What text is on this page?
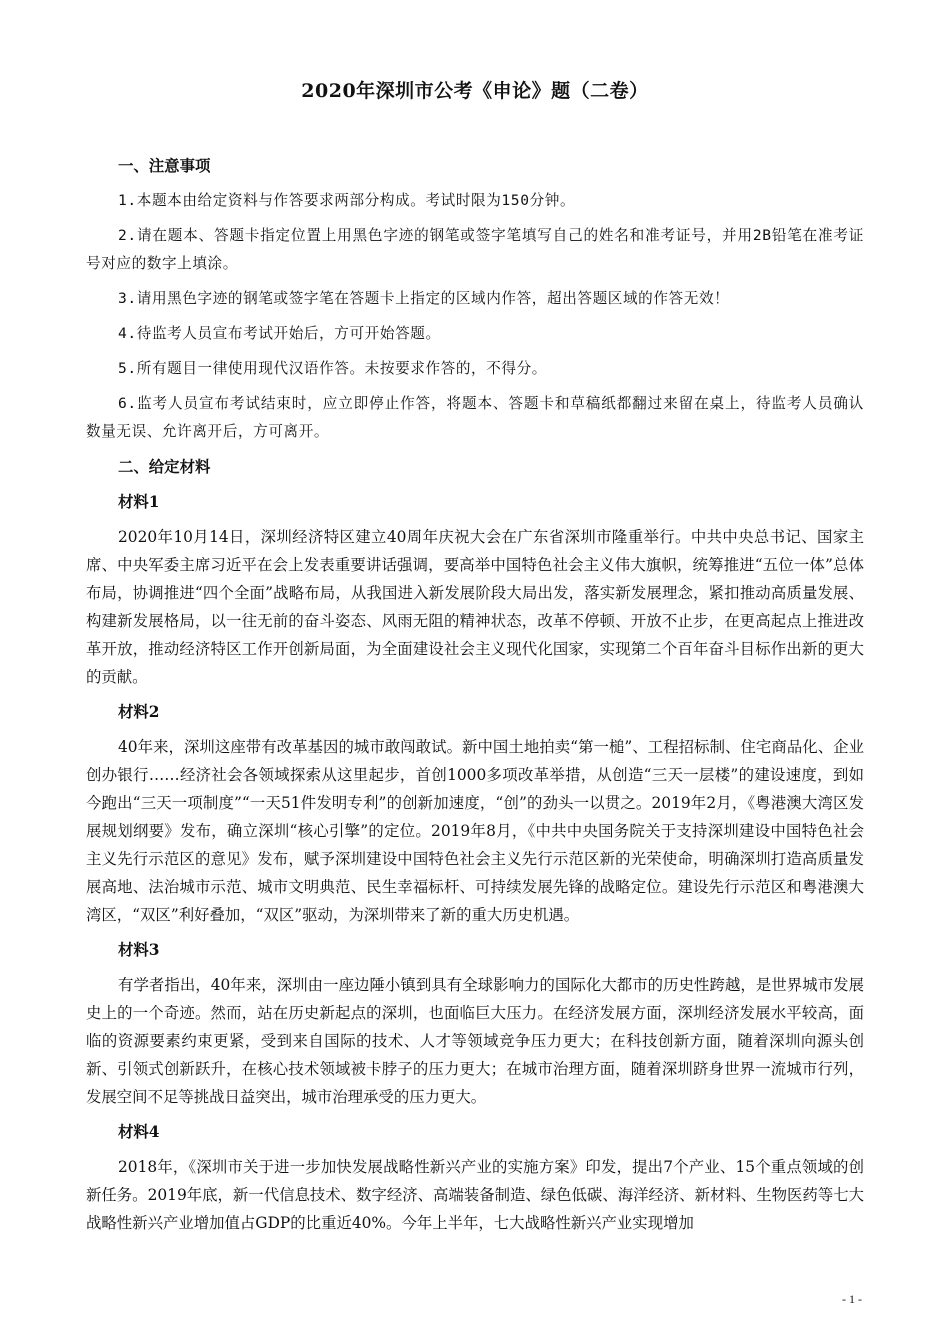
2020年深圳市公考《申论》题（二卷）
一、注意事项
1.本题本由给定资料与作答要求两部分构成。考试时限为150分钟。
2.请在题本、答题卡指定位置上用黑色字迹的钢笔或签字笔填写自己的姓名和准考证号，并用2B铅笔在准考证号对应的数字上填涂。
3.请用黑色字迹的钢笔或签字笔在答题卡上指定的区域内作答，超出答题区域的作答无效！
4.待监考人员宣布考试开始后，方可开始答题。
5.所有题目一律使用现代汉语作答。未按要求作答的，不得分。
6.监考人员宣布考试结束时，应立即停止作答，将题本、答题卡和草稿纸都翻过来留在桌上，待监考人员确认数量无误、允许离开后，方可离开。
二、给定材料
材料1
2020年10月14日，深圳经济特区建立40周年庆祝大会在广东省深圳市隆重举行。中共中央总书记、国家主席、中央军委主席习近平在会上发表重要讲话强调，要高举中国特色社会主义伟大旗帜，统筹推进“五位一体”总体布局，协调推进“四个全面”战略布局，从我国进入新发展阶段大局出发，落实新发展理念，紧扣推动高质量发展、构建新发展格局，以一往无前的奋斗姿态、风雨无阻的精神状态，改革不停顿、开放不止步，在更高起点上推进改革开放，推动经济特区工作开创新局面，为全面建设社会主义现代化国家，实现第二个百年奋斗目标作出新的更大的贡献。
材料2
40年来，深圳这座带有改革基因的城市敢闯敢试。新中国土地拍卖“第一槌”、工程招标制、住宅商品化、企业创办银行……经济社会各领域探索从这里起步，首创1000多项改革举措，从创造“三天一层楼”的建设速度，到如今跑出“三天一项制度”“一天51件发明专利”的创新加速度，“创”的劲头一以贯之。2019年2月，《粤港澳大湾区发展规划纲要》发布，确立深圳“核心引擎”的定位。2019年8月，《中共中央国务院关于支持深圳建设中国特色社会主义先行示范区的意见》发布，赋予深圳建设中国特色社会主义先行示范区新的光荣使命，明确深圳打造高质量发展高地、法治城市示范、城市文明典范、民生幸福标杆、可持续发展先锋的战略定位。建设先行示范区和粤港澳大湾区，“双区”利好叠加，“双区”驱动，为深圳带来了新的重大历史机遇。
材料3
有学者指出，40年来，深圳由一座边陲小镇到具有全球影响力的国际化大都市的历史性跨越，是世界城市发展史上的一个奇迹。然而，站在历史新起点的深圳，也面临巨大压力。在经济发展方面，深圳经济发展水平较高，面临的资源要素约束更紧，受到来自国际的技术、人才等领域竞争压力更大；在科技创新方面，随着深圳向源头创新、引领式创新跃升，在核心技术领域被卡脖子的压力更大；在城市治理方面，随着深圳跻身世界一流城市行列，发展空间不足等挑战日益突出，城市治理承受的压力更大。
材料4
2018年，《深圳市关于进一步加快发展战略性新兴产业的实施方案》印发，提出7个产业、15个重点领域的创新任务。2019年底，新一代信息技术、数字经济、高端装备制造、绿色低碳、海洋经济、新材料、生物医药等七大战略性新兴产业增加值占GDP的比重近40%。今年上半年，七大战略性新兴产业实现增加
- 1 -
